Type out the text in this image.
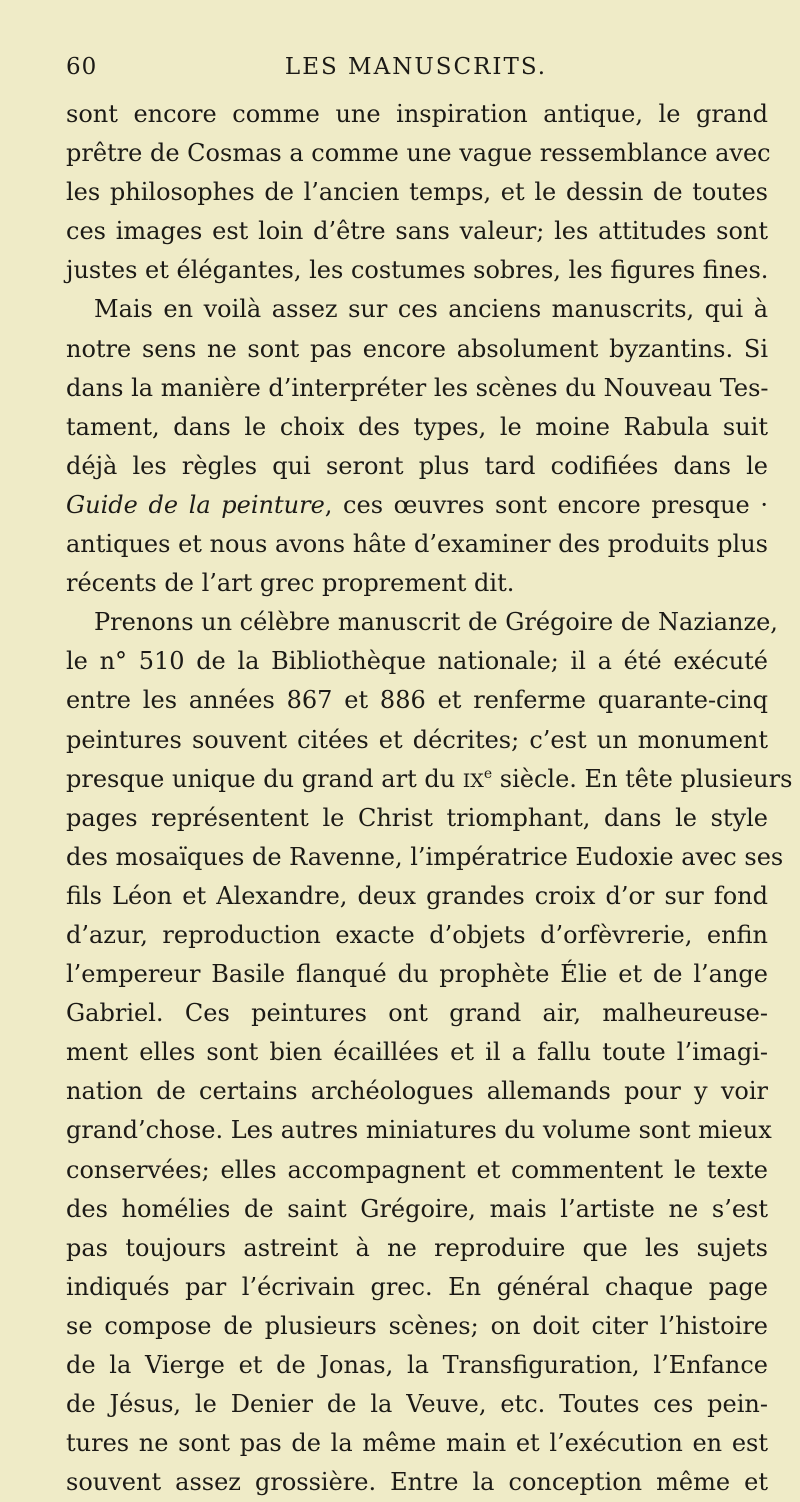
60	LES MANUSCRITS.
sont encore comme une inspiration antique, le grand
prêtre de Cosmas a comme une vague ressemblance avec
les philosophes de l’ancien temps, et le dessin de toutes
ces images est loin d’être sans valeur; les attitudes sont
justes et élégantes, les costumes sobres, les figures fines.
Mais en voilà assez sur ces anciens manuscrits, qui à
notre sens ne sont pas encore absolument byzantins. Si
dans la manière d’interpréter les scènes du Nouveau Tes-
tament, dans le choix des types, le moine Rabula suit
déjà les règles qui seront plus tard codifiées dans le
Guide de la peinture, ces œuvres sont encore presque ·
antiques et nous avons hâte d’examiner des produits plus
récents de l’art grec proprement dit.
Prenons un célèbre manuscrit de Grégoire de Nazianze,
le n° 510 de la Bibliothèque nationale; il a été exécuté
entre les années 867 et 886 et renferme quarante-cinq
peintures souvent citées et décrites; c’est un monument
presque unique du grand art du IXe siècle. En tête plusieurs
pages représentent le Christ triomphant, dans le style
des mosaïques de Ravenne, l’impératrice Eudoxie avec ses
fils Léon et Alexandre, deux grandes croix d’or sur fond
d’azur, reproduction exacte d’objets d’orfèvrerie, enfin
l’empereur Basile flanqué du prophète Élie et de l’ange
Gabriel. Ces peintures ont grand air, malheureuse-
ment elles sont bien écaillées et il a fallu toute l’imagi-
nation de certains archéologues allemands pour y voir
grand’chose. Les autres miniatures du volume sont mieux
conservées; elles accompagnent et commentent le texte
des homélies de saint Grégoire, mais l’artiste ne s’est
pas toujours astreint à ne reproduire que les sujets
indiqués par l’écrivain grec. En général chaque page
se compose de plusieurs scènes; on doit citer l’histoire
de la Vierge et de Jonas, la Transfiguration, l’Enfance
de Jésus, le Denier de la Veuve, etc. Toutes ces pein-
tures ne sont pas de la même main et l’exécution en est
souvent assez grossière. Entre la conception même et
